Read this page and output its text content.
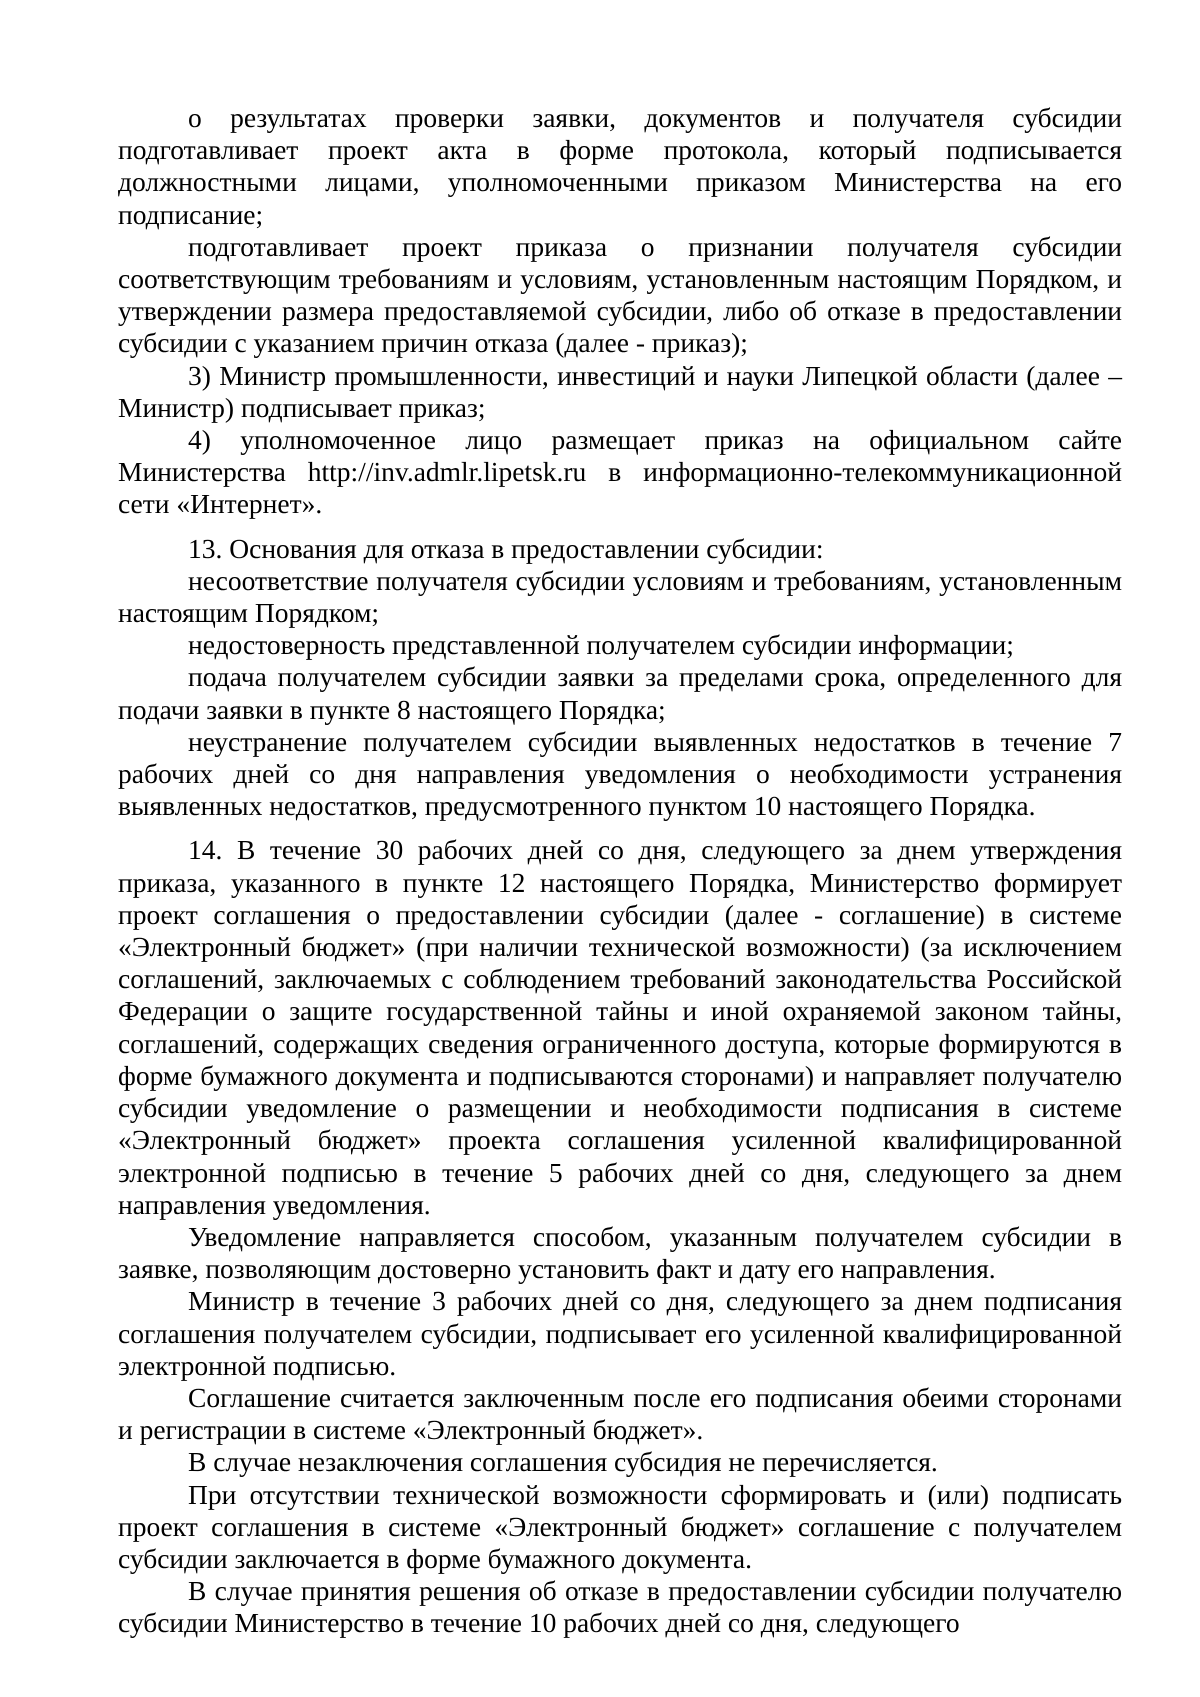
о результатах проверки заявки, документов и получателя субсидии подготавливает проект акта в форме протокола, который подписывается должностными лицами, уполномоченными приказом Министерства на его подписание;

подготавливает проект приказа о признании получателя субсидии соответствующим требованиям и условиям, установленным настоящим Порядком, и утверждении размера предоставляемой субсидии, либо об отказе в предоставлении субсидии с указанием причин отказа (далее - приказ);

3) Министр промышленности, инвестиций и науки Липецкой области (далее – Министр) подписывает приказ;

4) уполномоченное лицо размещает приказ на официальном сайте Министерства http://inv.admlr.lipetsk.ru в информационно-телекоммуникационной сети «Интернет».

13. Основания для отказа в предоставлении субсидии:

несоответствие получателя субсидии условиям и требованиям, установленным настоящим Порядком;

недостоверность представленной получателем субсидии информации;

подача получателем субсидии заявки за пределами срока, определенного для подачи заявки в пункте 8 настоящего Порядка;

неустранение получателем субсидии выявленных недостатков в течение 7 рабочих дней со дня направления уведомления о необходимости устранения выявленных недостатков, предусмотренного пунктом 10 настоящего Порядка.

14. В течение 30 рабочих дней со дня, следующего за днем утверждения приказа, указанного в пункте 12 настоящего Порядка, Министерство формирует проект соглашения о предоставлении субсидии (далее - соглашение) в системе «Электронный бюджет» (при наличии технической возможности) (за исключением соглашений, заключаемых с соблюдением требований законодательства Российской Федерации о защите государственной тайны и иной охраняемой законом тайны, соглашений, содержащих сведения ограниченного доступа, которые формируются в форме бумажного документа и подписываются сторонами) и направляет получателю субсидии уведомление о размещении и необходимости подписания в системе «Электронный бюджет» проекта соглашения усиленной квалифицированной электронной подписью в течение 5 рабочих дней со дня, следующего за днем направления уведомления.

Уведомление направляется способом, указанным получателем субсидии в заявке, позволяющим достоверно установить факт и дату его направления.

Министр в течение 3 рабочих дней со дня, следующего за днем подписания соглашения получателем субсидии, подписывает его усиленной квалифицированной электронной подписью.

Соглашение считается заключенным после его подписания обеими сторонами и регистрации в системе «Электронный бюджет».

В случае незаключения соглашения субсидия не перечисляется.

При отсутствии технической возможности сформировать и (или) подписать проект соглашения в системе «Электронный бюджет» соглашение с получателем субсидии заключается в форме бумажного документа.

В случае принятия решения об отказе в предоставлении субсидии получателю субсидии Министерство в течение 10 рабочих дней со дня, следующего
